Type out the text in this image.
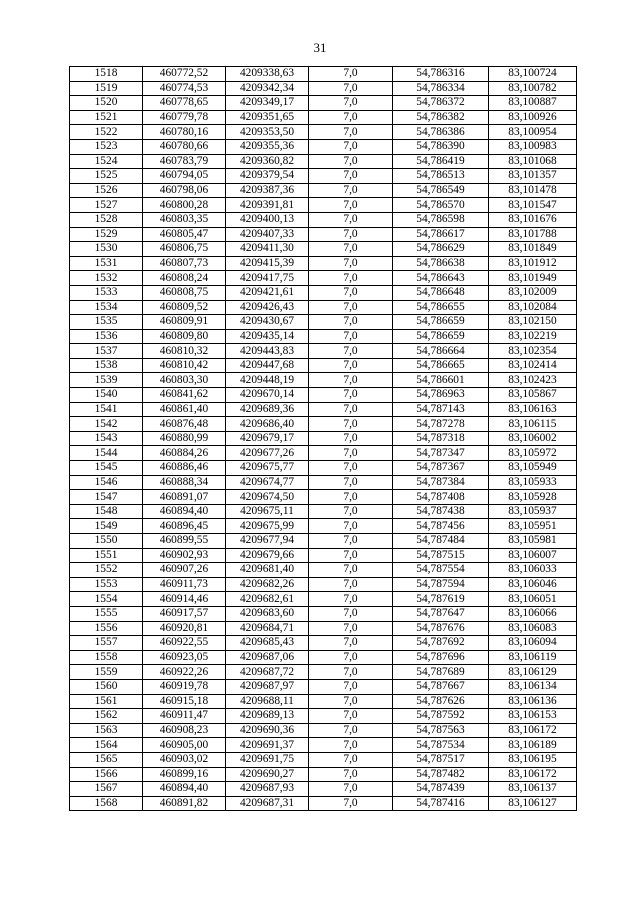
31
1518	460772,52	4209338,63	7,0	54,786316	83,100724
1519	460774,53	4209342,34	7,0	54,786334	83,100782
1520	460778,65	4209349,17	7,0	54,786372	83,100887
1521	460779,78	4209351,65	7,0	54,786382	83,100926
1522	460780,16	4209353,50	7,0	54,786386	83,100954
1523	460780,66	4209355,36	7,0	54,786390	83,100983
1524	460783,79	4209360,82	7,0	54,786419	83,101068
1525	460794,05	4209379,54	7,0	54,786513	83,101357
1526	460798,06	4209387,36	7,0	54,786549	83,101478
1527	460800,28	4209391,81	7,0	54,786570	83,101547
1528	460803,35	4209400,13	7,0	54,786598	83,101676
1529	460805,47	4209407,33	7,0	54,786617	83,101788
1530	460806,75	4209411,30	7,0	54,786629	83,101849
1531	460807,73	4209415,39	7,0	54,786638	83,101912
1532	460808,24	4209417,75	7,0	54,786643	83,101949
1533	460808,75	4209421,61	7,0	54,786648	83,102009
1534	460809,52	4209426,43	7,0	54,786655	83,102084
1535	460809,91	4209430,67	7,0	54,786659	83,102150
1536	460809,80	4209435,14	7,0	54,786659	83,102219
1537	460810,32	4209443,83	7,0	54,786664	83,102354
1538	460810,42	4209447,68	7,0	54,786665	83,102414
1539	460803,30	4209448,19	7,0	54,786601	83,102423
1540	460841,62	4209670,14	7,0	54,786963	83,105867
1541	460861,40	4209689,36	7,0	54,787143	83,106163
1542	460876,48	4209686,40	7,0	54,787278	83,106115
1543	460880,99	4209679,17	7,0	54,787318	83,106002
1544	460884,26	4209677,26	7,0	54,787347	83,105972
1545	460886,46	4209675,77	7,0	54,787367	83,105949
1546	460888,34	4209674,77	7,0	54,787384	83,105933
1547	460891,07	4209674,50	7,0	54,787408	83,105928
1548	460894,40	4209675,11	7,0	54,787438	83,105937
1549	460896,45	4209675,99	7,0	54,787456	83,105951
1550	460899,55	4209677,94	7,0	54,787484	83,105981
1551	460902,93	4209679,66	7,0	54,787515	83,106007
1552	460907,26	4209681,40	7,0	54,787554	83,106033
1553	460911,73	4209682,26	7,0	54,787594	83,106046
1554	460914,46	4209682,61	7,0	54,787619	83,106051
1555	460917,57	4209683,60	7,0	54,787647	83,106066
1556	460920,81	4209684,71	7,0	54,787676	83,106083
1557	460922,55	4209685,43	7,0	54,787692	83,106094
1558	460923,05	4209687,06	7,0	54,787696	83,106119
1559	460922,26	4209687,72	7,0	54,787689	83,106129
1560	460919,78	4209687,97	7,0	54,787667	83,106134
1561	460915,18	4209688,11	7,0	54,787626	83,106136
1562	460911,47	4209689,13	7,0	54,787592	83,106153
1563	460908,23	4209690,36	7,0	54,787563	83,106172
1564	460905,00	4209691,37	7,0	54,787534	83,106189
1565	460903,02	4209691,75	7,0	54,787517	83,106195
1566	460899,16	4209690,27	7,0	54,787482	83,106172
1567	460894,40	4209687,93	7,0	54,787439	83,106137
1568	460891,82	4209687,31	7,0	54,787416	83,106127
